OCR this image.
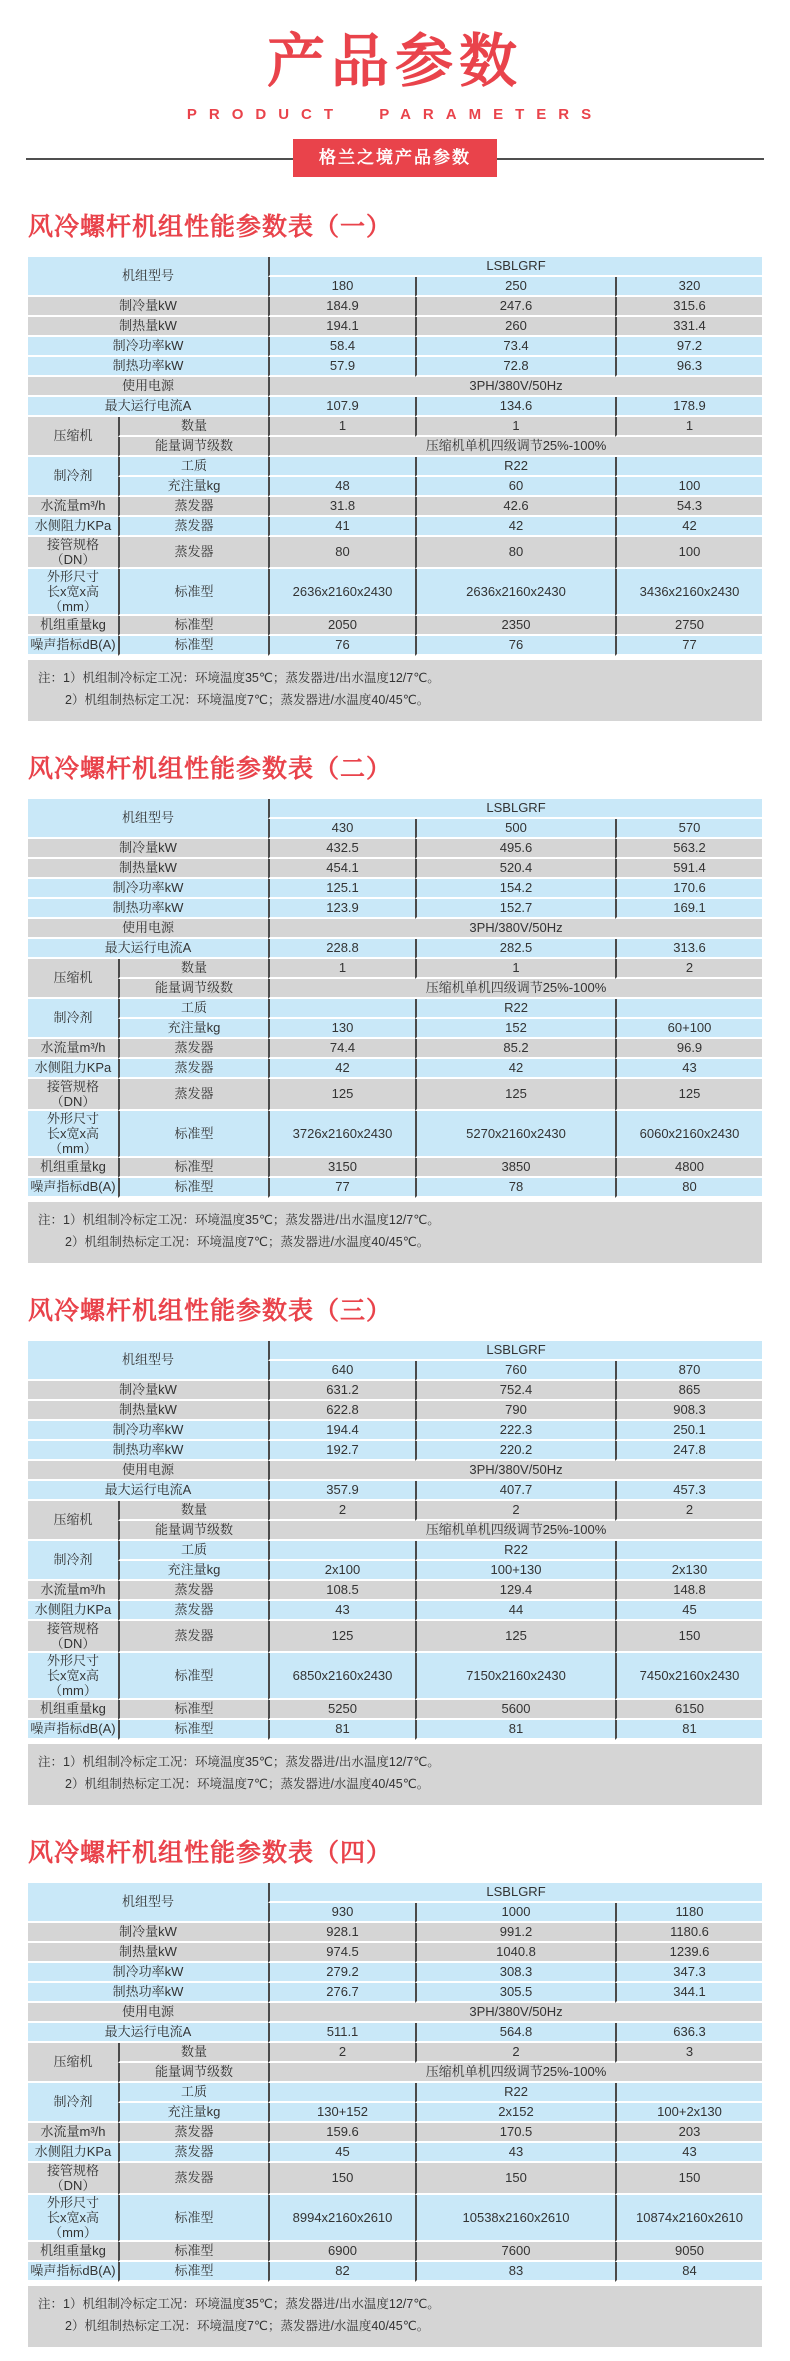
产品参数
PRODUCT PARAMETERS
格兰之境产品参数
风冷螺杆机组性能参数表（一）
机组型号		LSBLGRF		
		180	250	320
制冷量kW		184.9	247.6	315.6
制热量kW		194.1	260	331.4
制冷功率kW		58.4	73.4	97.2
制热功率kW		57.9	72.8	96.3
使用电源		3PH/380V/50Hz		
最大运行电流A		107.9	134.6	178.9
压缩机	数量	1	1	1
	能量调节级数	压缩机单机四级调节25%-100%		
制冷剂	工质		R22	
	充注量kg	48	60	100
水流量m³/h	蒸发器	31.8	42.6	54.3
水侧阻力KPa	蒸发器	41	42	42

接管规格
（DN）	蒸发器	80	80	100

外形尺寸
长x宽x高
（mm）	标准型	2636x2160x2430	2636x2160x2430	3436x2160x2430
机组重量kg	标准型	2050	2350	2750
噪声指标dB(A)	标准型	76	76	77
注：1）机组制冷标定工况：环境温度35℃；蒸发器进/出水温度12/7℃。
2）机组制热标定工况：环境温度7℃；蒸发器进/水温度40/45℃。
风冷螺杆机组性能参数表（二）
机组型号		LSBLGRF		
		430	500	570
制冷量kW		432.5	495.6	563.2
制热量kW		454.1	520.4	591.4
制冷功率kW		125.1	154.2	170.6
制热功率kW		123.9	152.7	169.1
使用电源		3PH/380V/50Hz		
最大运行电流A		228.8	282.5	313.6
压缩机	数量	1	1	2
	能量调节级数	压缩机单机四级调节25%-100%		
制冷剂	工质		R22	
	充注量kg	130	152	60+100
水流量m³/h	蒸发器	74.4	85.2	96.9
水侧阻力KPa	蒸发器	42	42	43

接管规格
（DN）	蒸发器	125	125	125

外形尺寸
长x宽x高
（mm）	标准型	3726x2160x2430	5270x2160x2430	6060x2160x2430
机组重量kg	标准型	3150	3850	4800
噪声指标dB(A)	标准型	77	78	80
注：1）机组制冷标定工况：环境温度35℃；蒸发器进/出水温度12/7℃。
2）机组制热标定工况：环境温度7℃；蒸发器进/水温度40/45℃。
风冷螺杆机组性能参数表（三）
机组型号		LSBLGRF		
		640	760	870
制冷量kW		631.2	752.4	865
制热量kW		622.8	790	908.3
制冷功率kW		194.4	222.3	250.1
制热功率kW		192.7	220.2	247.8
使用电源		3PH/380V/50Hz		
最大运行电流A		357.9	407.7	457.3
压缩机	数量	2	2	2
	能量调节级数	压缩机单机四级调节25%-100%		
制冷剂	工质		R22	
	充注量kg	2x100	100+130	2x130
水流量m³/h	蒸发器	108.5	129.4	148.8
水侧阻力KPa	蒸发器	43	44	45

接管规格
（DN）	蒸发器	125	125	150

外形尺寸
长x宽x高
（mm）	标准型	6850x2160x2430	7150x2160x2430	7450x2160x2430
机组重量kg	标准型	5250	5600	6150
噪声指标dB(A)	标准型	81	81	81
注：1）机组制冷标定工况：环境温度35℃；蒸发器进/出水温度12/7℃。
2）机组制热标定工况：环境温度7℃；蒸发器进/水温度40/45℃。
风冷螺杆机组性能参数表（四）
机组型号		LSBLGRF		
		930	1000	1180
制冷量kW		928.1	991.2	1180.6
制热量kW		974.5	1040.8	1239.6
制冷功率kW		279.2	308.3	347.3
制热功率kW		276.7	305.5	344.1
使用电源		3PH/380V/50Hz		
最大运行电流A		511.1	564.8	636.3
压缩机	数量	2	2	3
	能量调节级数	压缩机单机四级调节25%-100%		
制冷剂	工质		R22	
	充注量kg	130+152	2x152	100+2x130
水流量m³/h	蒸发器	159.6	170.5	203
水侧阻力KPa	蒸发器	45	43	43

接管规格
（DN）	蒸发器	150	150	150

外形尺寸
长x宽x高
（mm）	标准型	8994x2160x2610	10538x2160x2610	10874x2160x2610
机组重量kg	标准型	6900	7600	9050
噪声指标dB(A)	标准型	82	83	84
注：1）机组制冷标定工况：环境温度35℃；蒸发器进/出水温度12/7℃。
2）机组制热标定工况：环境温度7℃；蒸发器进/水温度40/45℃。
